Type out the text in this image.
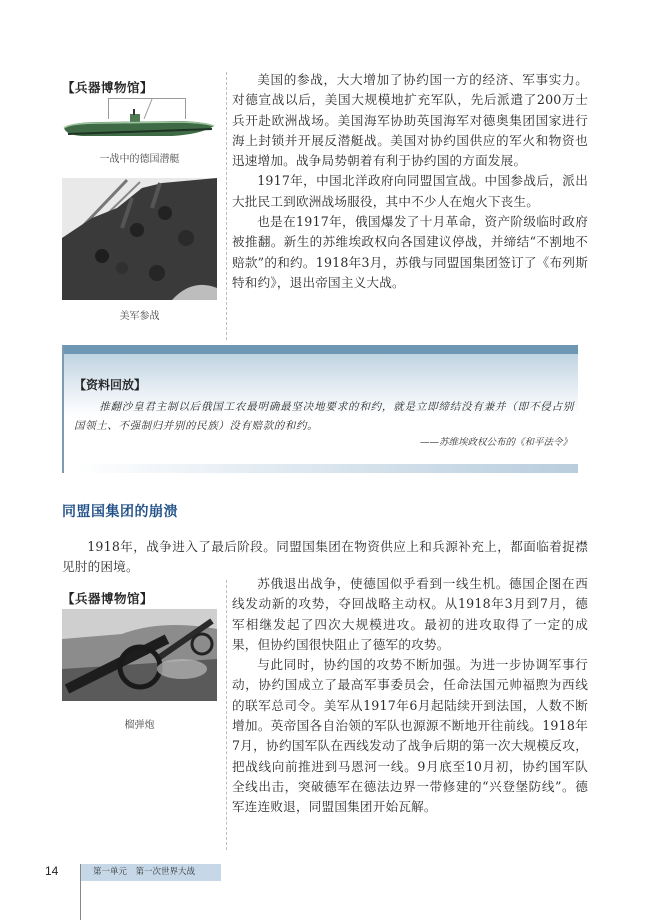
【兵器博物馆】
一战中的德国潜艇
美军参战

美国的参战，大大增加了协约国一方的经济、军事实力。对德宣战以后，美国大规模地扩充军队，先后派遣了200万士兵开赴欧洲战场。美国海军协助英国海军对德奥集团国家进行海上封锁并开展反潜艇战。美国对协约国供应的军火和物资也迅速增加。战争局势朝着有利于协约国的方面发展。

1917年，中国北洋政府向同盟国宣战。中国参战后，派出大批民工到欧洲战场服役，其中不少人在炮火下丧生。

也是在1917年，俄国爆发了十月革命，资产阶级临时政府被推翻。新生的苏维埃政权向各国建议停战，并缔结“不割地不赔款”的和约。1918年3月，苏俄与同盟国集团签订了《布列斯特和约》，退出帝国主义大战。

【资料回放】

推翻沙皇君主制以后俄国工农最明确最坚决地要求的和约，就是立即缔结没有兼并（即不侵占别国领土、不强制归并别的民族）没有赔款的和约。

——苏维埃政权公布的《和平法令》
同盟国集团的崩溃

1918年，战争进入了最后阶段。同盟国集团在物资供应上和兵源补充上，都面临着捉襟见肘的困境。

【兵器博物馆】
榴弹炮

苏俄退出战争，使德国似乎看到一线生机。德国企图在西线发动新的攻势，夺回战略主动权。从1918年3月到7月，德军相继发起了四次大规模进攻。最初的进攻取得了一定的成果，但协约国很快阻止了德军的攻势。

与此同时，协约国的攻势不断加强。为进一步协调军事行动，协约国成立了最高军事委员会，任命法国元帅福煦为西线的联军总司令。美军从1917年6月起陆续开到法国，人数不断增加。英帝国各自治领的军队也源源不断地开往前线。1918年7月，协约国军队在西线发动了战争后期的第一次大规模反攻，把战线向前推进到马恩河一线。9月底至10月初，协约国军队全线出击，突破德军在德法边界一带修建的“兴登堡防线”。德军连连败退，同盟国集团开始瓦解。

14	第一单元　第一次世界大战
